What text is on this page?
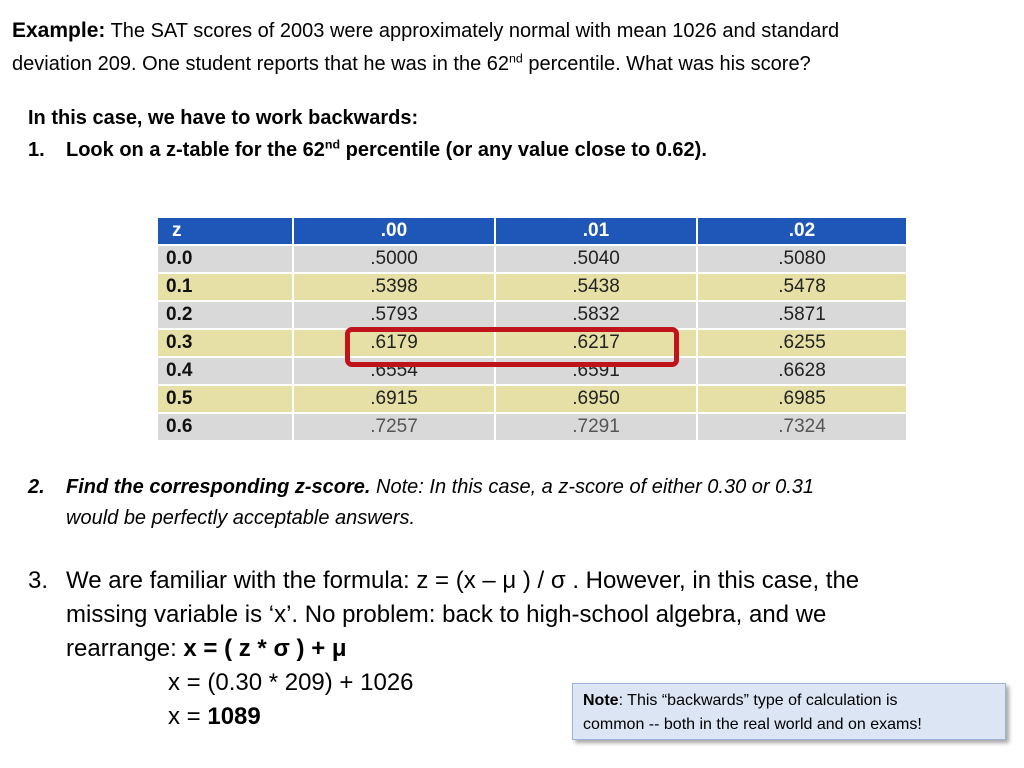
Example: The SAT scores of 2003 were approximately normal with mean 1026 and standard
deviation 209. One student reports that he was in the 62nd percentile. What was his score?
In this case, we have to work backwards:
1.	Look on a z-table for the 62nd percentile (or any value close to 0.62).
z	.00	.01	.02
0.0	.5000	.5040	.5080
0.1	.5398	.5438	.5478
0.2	.5793	.5832	.5871
0.3	.6179	.6217	.6255
0.4	.6554	.6591	.6628
0.5	.6915	.6950	.6985
0.6	.7257	.7291	.7324
2.	Find the corresponding z-score. Note: In this case, a z-score of either 0.30 or 0.31
would be perfectly acceptable answers.
3. We are familiar with the formula: z = (x – μ ) / σ . However, in this case, the
missing variable is ‘x’. No problem: back to high-school algebra, and we
rearrange: x = ( z * σ ) + μ
x = (0.30 * 209) + 1026
x = 1089
Note: This “backwards” type of calculation is
common -- both in the real world and on exams!
